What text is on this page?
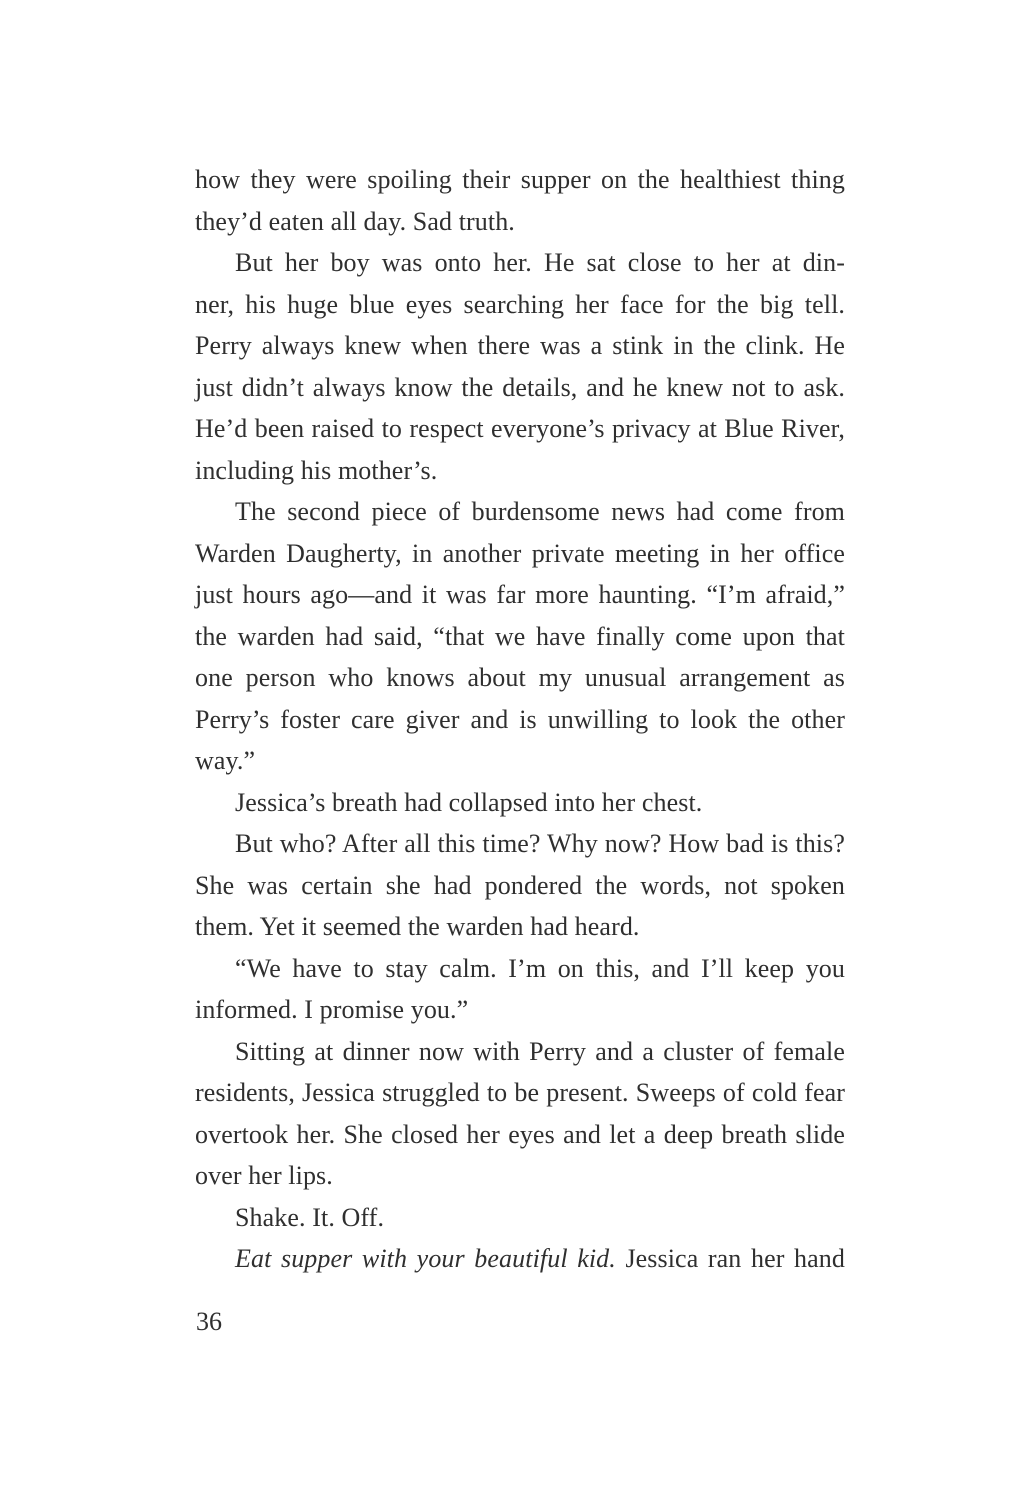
how they were spoiling their supper on the healthiest thing
they’d eaten all day. Sad truth.
But her boy was onto her. He sat close to her at din-
ner, his huge blue eyes searching her face for the big tell.
Perry always knew when there was a stink in the clink. He
just didn’t always know the details, and he knew not to ask.
He’d been raised to respect everyone’s privacy at Blue River,
including his mother’s.
The second piece of burdensome news had come from
Warden Daugherty, in another private meeting in her office
just hours ago—and it was far more haunting. “I’m afraid,”
the warden had said, “that we have finally come upon that
one person who knows about my unusual arrangement as
Perry’s foster care giver and is unwilling to look the other
way.”
Jessica’s breath had collapsed into her chest.
But who? After all this time? Why now? How bad is this?
She was certain she had pondered the words, not spoken
them. Yet it seemed the warden had heard.
“We have to stay calm. I’m on this, and I’ll keep you
informed. I promise you.”
Sitting at dinner now with Perry and a cluster of female
residents, Jessica struggled to be present. Sweeps of cold fear
overtook her. She closed her eyes and let a deep breath slide
over her lips.
Shake. It. Off.
Eat supper with your beautiful kid. Jessica ran her hand
36
